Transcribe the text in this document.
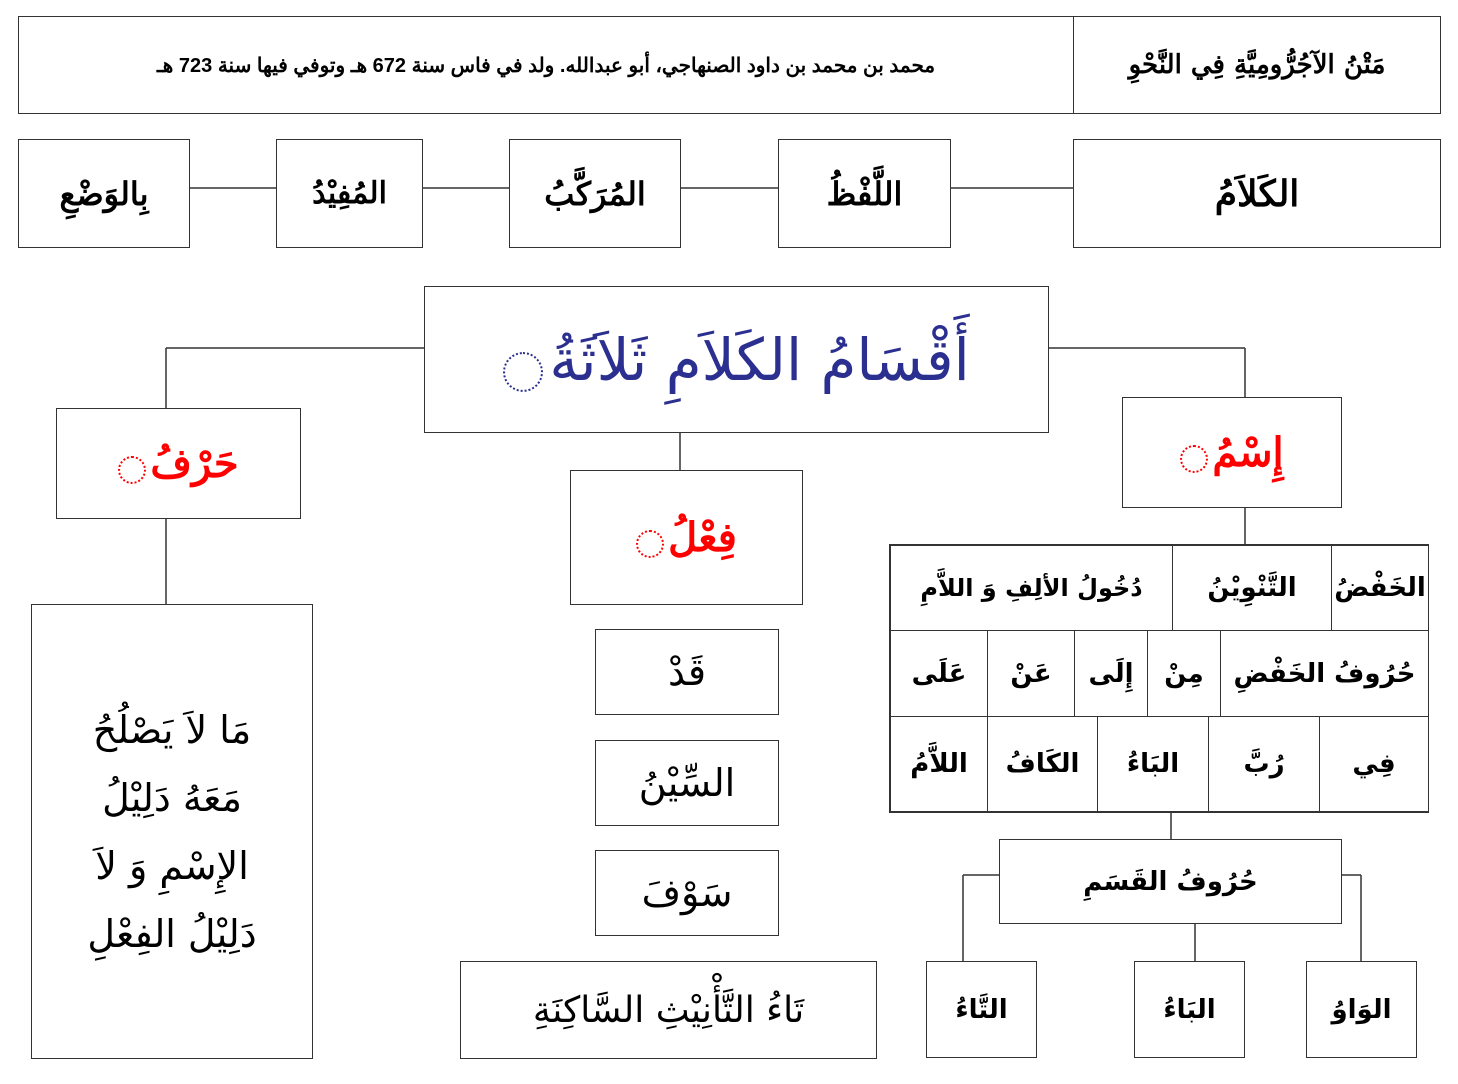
محمد بن محمد بن داود الصنهاجي، أبو عبدالله. ولد في فاس سنة 672 هـ وتوفي فيها سنة 723 هـ	مَتْنُ الآجُرُّومِيَّةِ فِي النَّحْوِ
الكَلاَمُ
اللَّفْظُ
المُرَكَّبُ
المُفِيْدُ
بِالوَضْعِ
أَقْسَامُ الكَلاَمِ ثَلاَثَةُ
حَرْفُ
فِعْلُ
إِسْمُ
مَا لاَ يَصْلُحُ
مَعَهُ دَلِيْلُ
الإِسْمِ وَ لاَ
دَلِيْلُ الفِعْلِ
قَدْ
السِّيْنُ
سَوْفَ
تَاءُ التَّأْنِيْثِ السَّاكِنَةِ
الخَفْضُ
التَّنْوِيْنُ
دُخُولُ الألِفِ وَ اللاَّمِ
حُرُوفُ الخَفْضِ
مِنْ
إِلَى
عَنْ
عَلَى
فِي
رُبَّ
البَاءُ
الكَافُ
اللاَّمُ
حُرُوفُ القَسَمِ
الوَاوُ
البَاءُ
التَّاءُ
